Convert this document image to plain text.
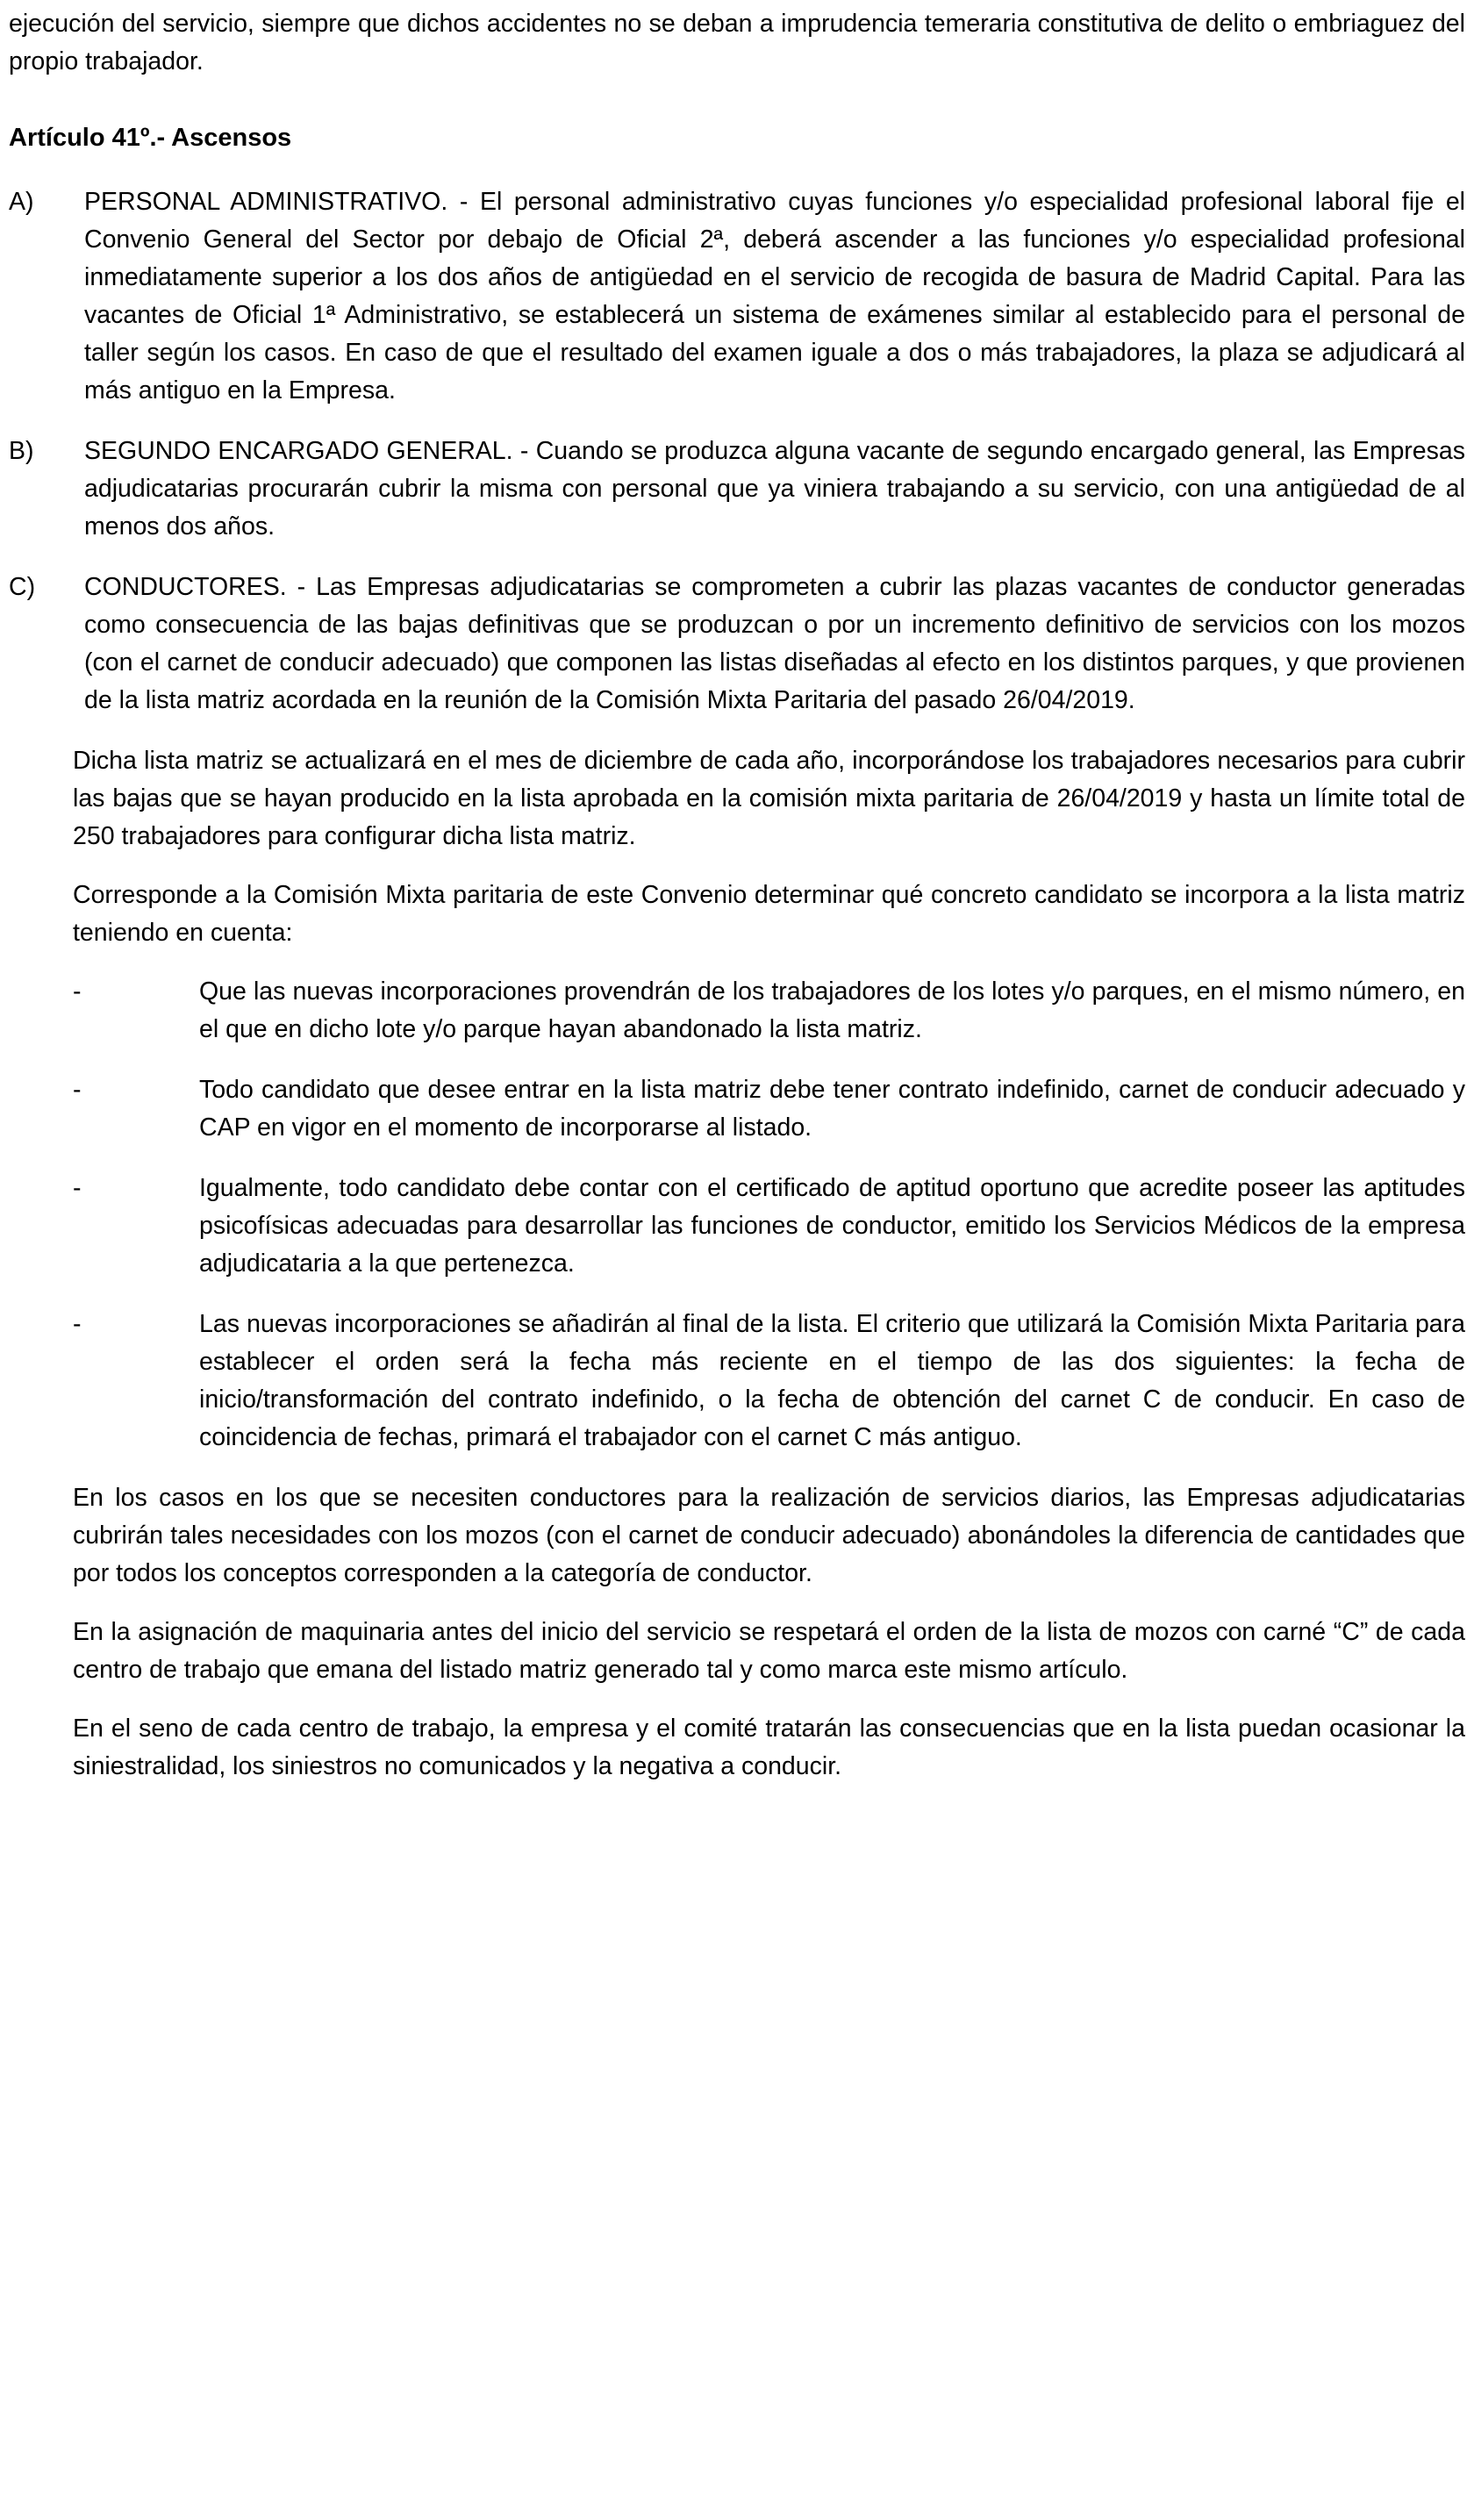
ejecución del servicio, siempre que dichos accidentes no se deban a imprudencia temeraria constitutiva de delito o embriaguez del propio trabajador.

Artículo 41º.- Ascensos
A) PERSONAL ADMINISTRATIVO. - El personal administrativo cuyas funciones y/o especialidad profesional laboral fije el Convenio General del Sector por debajo de Oficial 2ª, deberá ascender a las funciones y/o especialidad profesional inmediatamente superior a los dos años de antigüedad en el servicio de recogida de basura de Madrid Capital. Para las vacantes de Oficial 1ª Administrativo, se establecerá un sistema de exámenes similar al establecido para el personal de taller según los casos. En caso de que el resultado del examen iguale a dos o más trabajadores, la plaza se adjudicará al más antiguo en la Empresa.

B) SEGUNDO ENCARGADO GENERAL. - Cuando se produzca alguna vacante de segundo encargado general, las Empresas adjudicatarias procurarán cubrir la misma con personal que ya viniera trabajando a su servicio, con una antigüedad de al menos dos años.

C) CONDUCTORES. - Las Empresas adjudicatarias se comprometen a cubrir las plazas vacantes de conductor generadas como consecuencia de las bajas definitivas que se produzcan o por un incremento definitivo de servicios con los mozos (con el carnet de conducir adecuado) que componen las listas diseñadas al efecto en los distintos parques, y que provienen de la lista matriz acordada en la reunión de la Comisión Mixta Paritaria del pasado 26/04/2019.

Dicha lista matriz se actualizará en el mes de diciembre de cada año, incorporándose los trabajadores necesarios para cubrir las bajas que se hayan producido en la lista aprobada en la comisión mixta paritaria de 26/04/2019 y hasta un límite total de 250 trabajadores para configurar dicha lista matriz.

Corresponde a la Comisión Mixta paritaria de este Convenio determinar qué concreto candidato se incorpora a la lista matriz teniendo en cuenta:

-	Que las nuevas incorporaciones provendrán de los trabajadores de los lotes y/o parques, en el mismo número, en el que en dicho lote y/o parque hayan abandonado la lista matriz.

-	Todo candidato que desee entrar en la lista matriz debe tener contrato indefinido, carnet de conducir adecuado y CAP en vigor en el momento de incorporarse al listado.

-	Igualmente, todo candidato debe contar con el certificado de aptitud oportuno que acredite poseer las aptitudes psicofísicas adecuadas para desarrollar las funciones de conductor, emitido los Servicios Médicos de la empresa adjudicataria a la que pertenezca.

-	Las nuevas incorporaciones se añadirán al final de la lista. El criterio que utilizará la Comisión Mixta Paritaria para establecer el orden será la fecha más reciente en el tiempo de las dos siguientes: la fecha de inicio/transformación del contrato indefinido, o la fecha de obtención del carnet C de conducir. En caso de coincidencia de fechas, primará el trabajador con el carnet C más antiguo.

En los casos en los que se necesiten conductores para la realización de servicios diarios, las Empresas adjudicatarias cubrirán tales necesidades con los mozos (con el carnet de conducir adecuado) abonándoles la diferencia de cantidades que por todos los conceptos corresponden a la categoría de conductor.

En la asignación de maquinaria antes del inicio del servicio se respetará el orden de la lista de mozos con carné “C” de cada centro de trabajo que emana del listado matriz generado tal y como marca este mismo artículo.

En el seno de cada centro de trabajo, la empresa y el comité tratarán las consecuencias que en la lista puedan ocasionar la siniestralidad, los siniestros no comunicados y la negativa a conducir.
